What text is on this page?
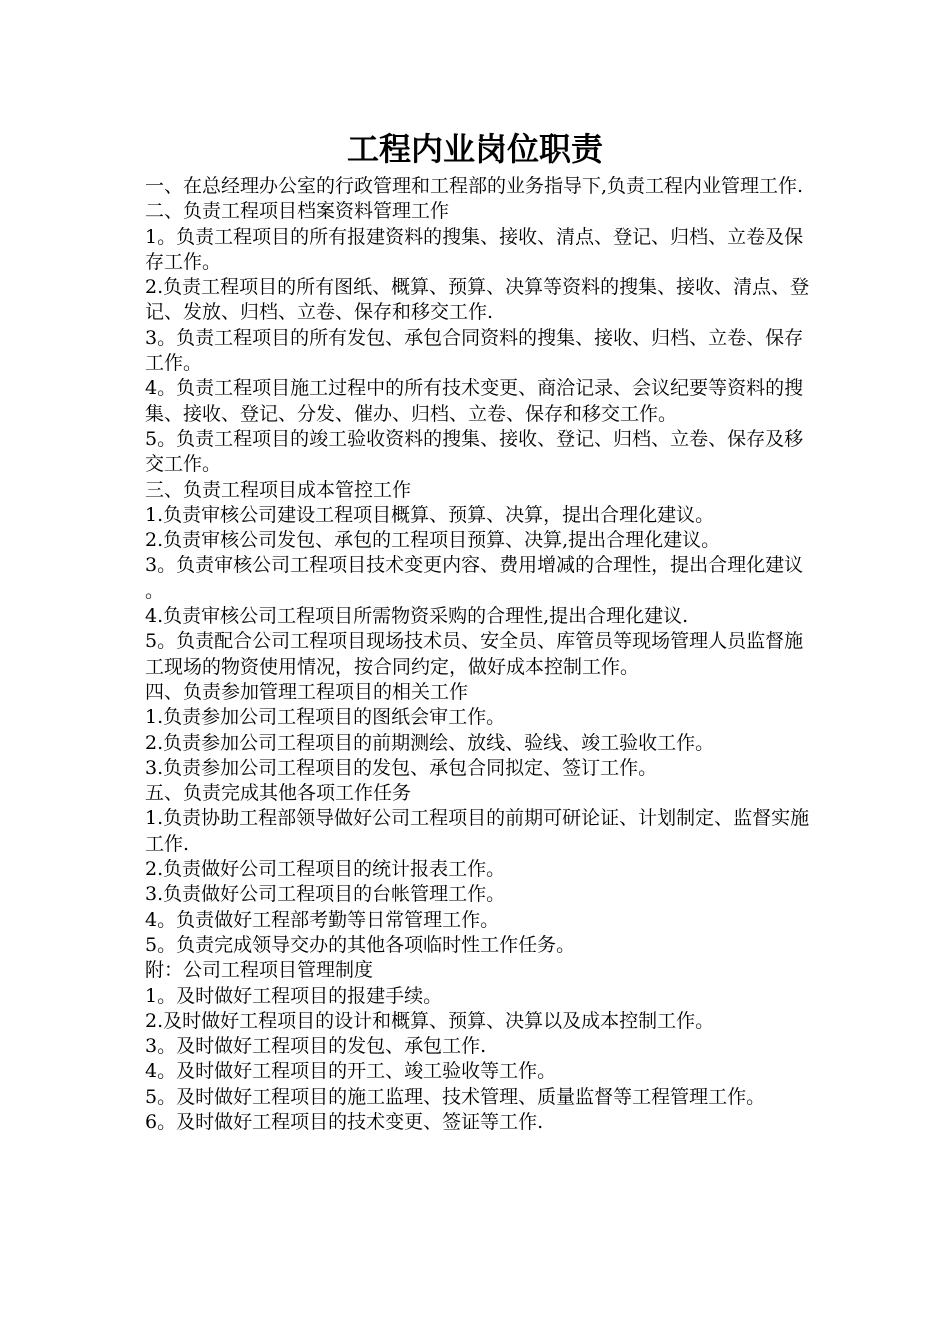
工程内业岗位职责

一、在总经理办公室的行政管理和工程部的业务指导下,负责工程内业管理工作.

二、负责工程项目档案资料管理工作

1。负责工程项目的所有报建资料的搜集、接收、清点、登记、归档、立卷及保存工作。

2.负责工程项目的所有图纸、概算、预算、决算等资料的搜集、接收、清点、登记、发放、归档、立卷、保存和移交工作.

3。负责工程项目的所有发包、承包合同资料的搜集、接收、归档、立卷、保存工作。

4。负责工程项目施工过程中的所有技术变更、商洽记录、会议纪要等资料的搜集、接收、登记、分发、催办、归档、立卷、保存和移交工作。

5。负责工程项目的竣工验收资料的搜集、接收、登记、归档、立卷、保存及移交工作。

三、负责工程项目成本管控工作

1.负责审核公司建设工程项目概算、预算、决算，提出合理化建议。

2.负责审核公司发包、承包的工程项目预算、决算,提出合理化建议。

3。负责审核公司工程项目技术变更内容、费用增减的合理性，提出合理化建议。

4.负责审核公司工程项目所需物资采购的合理性,提出合理化建议.

5。负责配合公司工程项目现场技术员、安全员、库管员等现场管理人员监督施工现场的物资使用情况，按合同约定，做好成本控制工作。

四、负责参加管理工程项目的相关工作

1.负责参加公司工程项目的图纸会审工作。

2.负责参加公司工程项目的前期测绘、放线、验线、竣工验收工作。

3.负责参加公司工程项目的发包、承包合同拟定、签订工作。

五、负责完成其他各项工作任务

1.负责协助工程部领导做好公司工程项目的前期可研论证、计划制定、监督实施工作.

2.负责做好公司工程项目的统计报表工作。

3.负责做好公司工程项目的台帐管理工作。

4。负责做好工程部考勤等日常管理工作。

5。负责完成领导交办的其他各项临时性工作任务。

附：公司工程项目管理制度

1。及时做好工程项目的报建手续。

2.及时做好工程项目的设计和概算、预算、决算以及成本控制工作。

3。及时做好工程项目的发包、承包工作.

4。及时做好工程项目的开工、竣工验收等工作。

5。及时做好工程项目的施工监理、技术管理、质量监督等工程管理工作。

6。及时做好工程项目的技术变更、签证等工作.
